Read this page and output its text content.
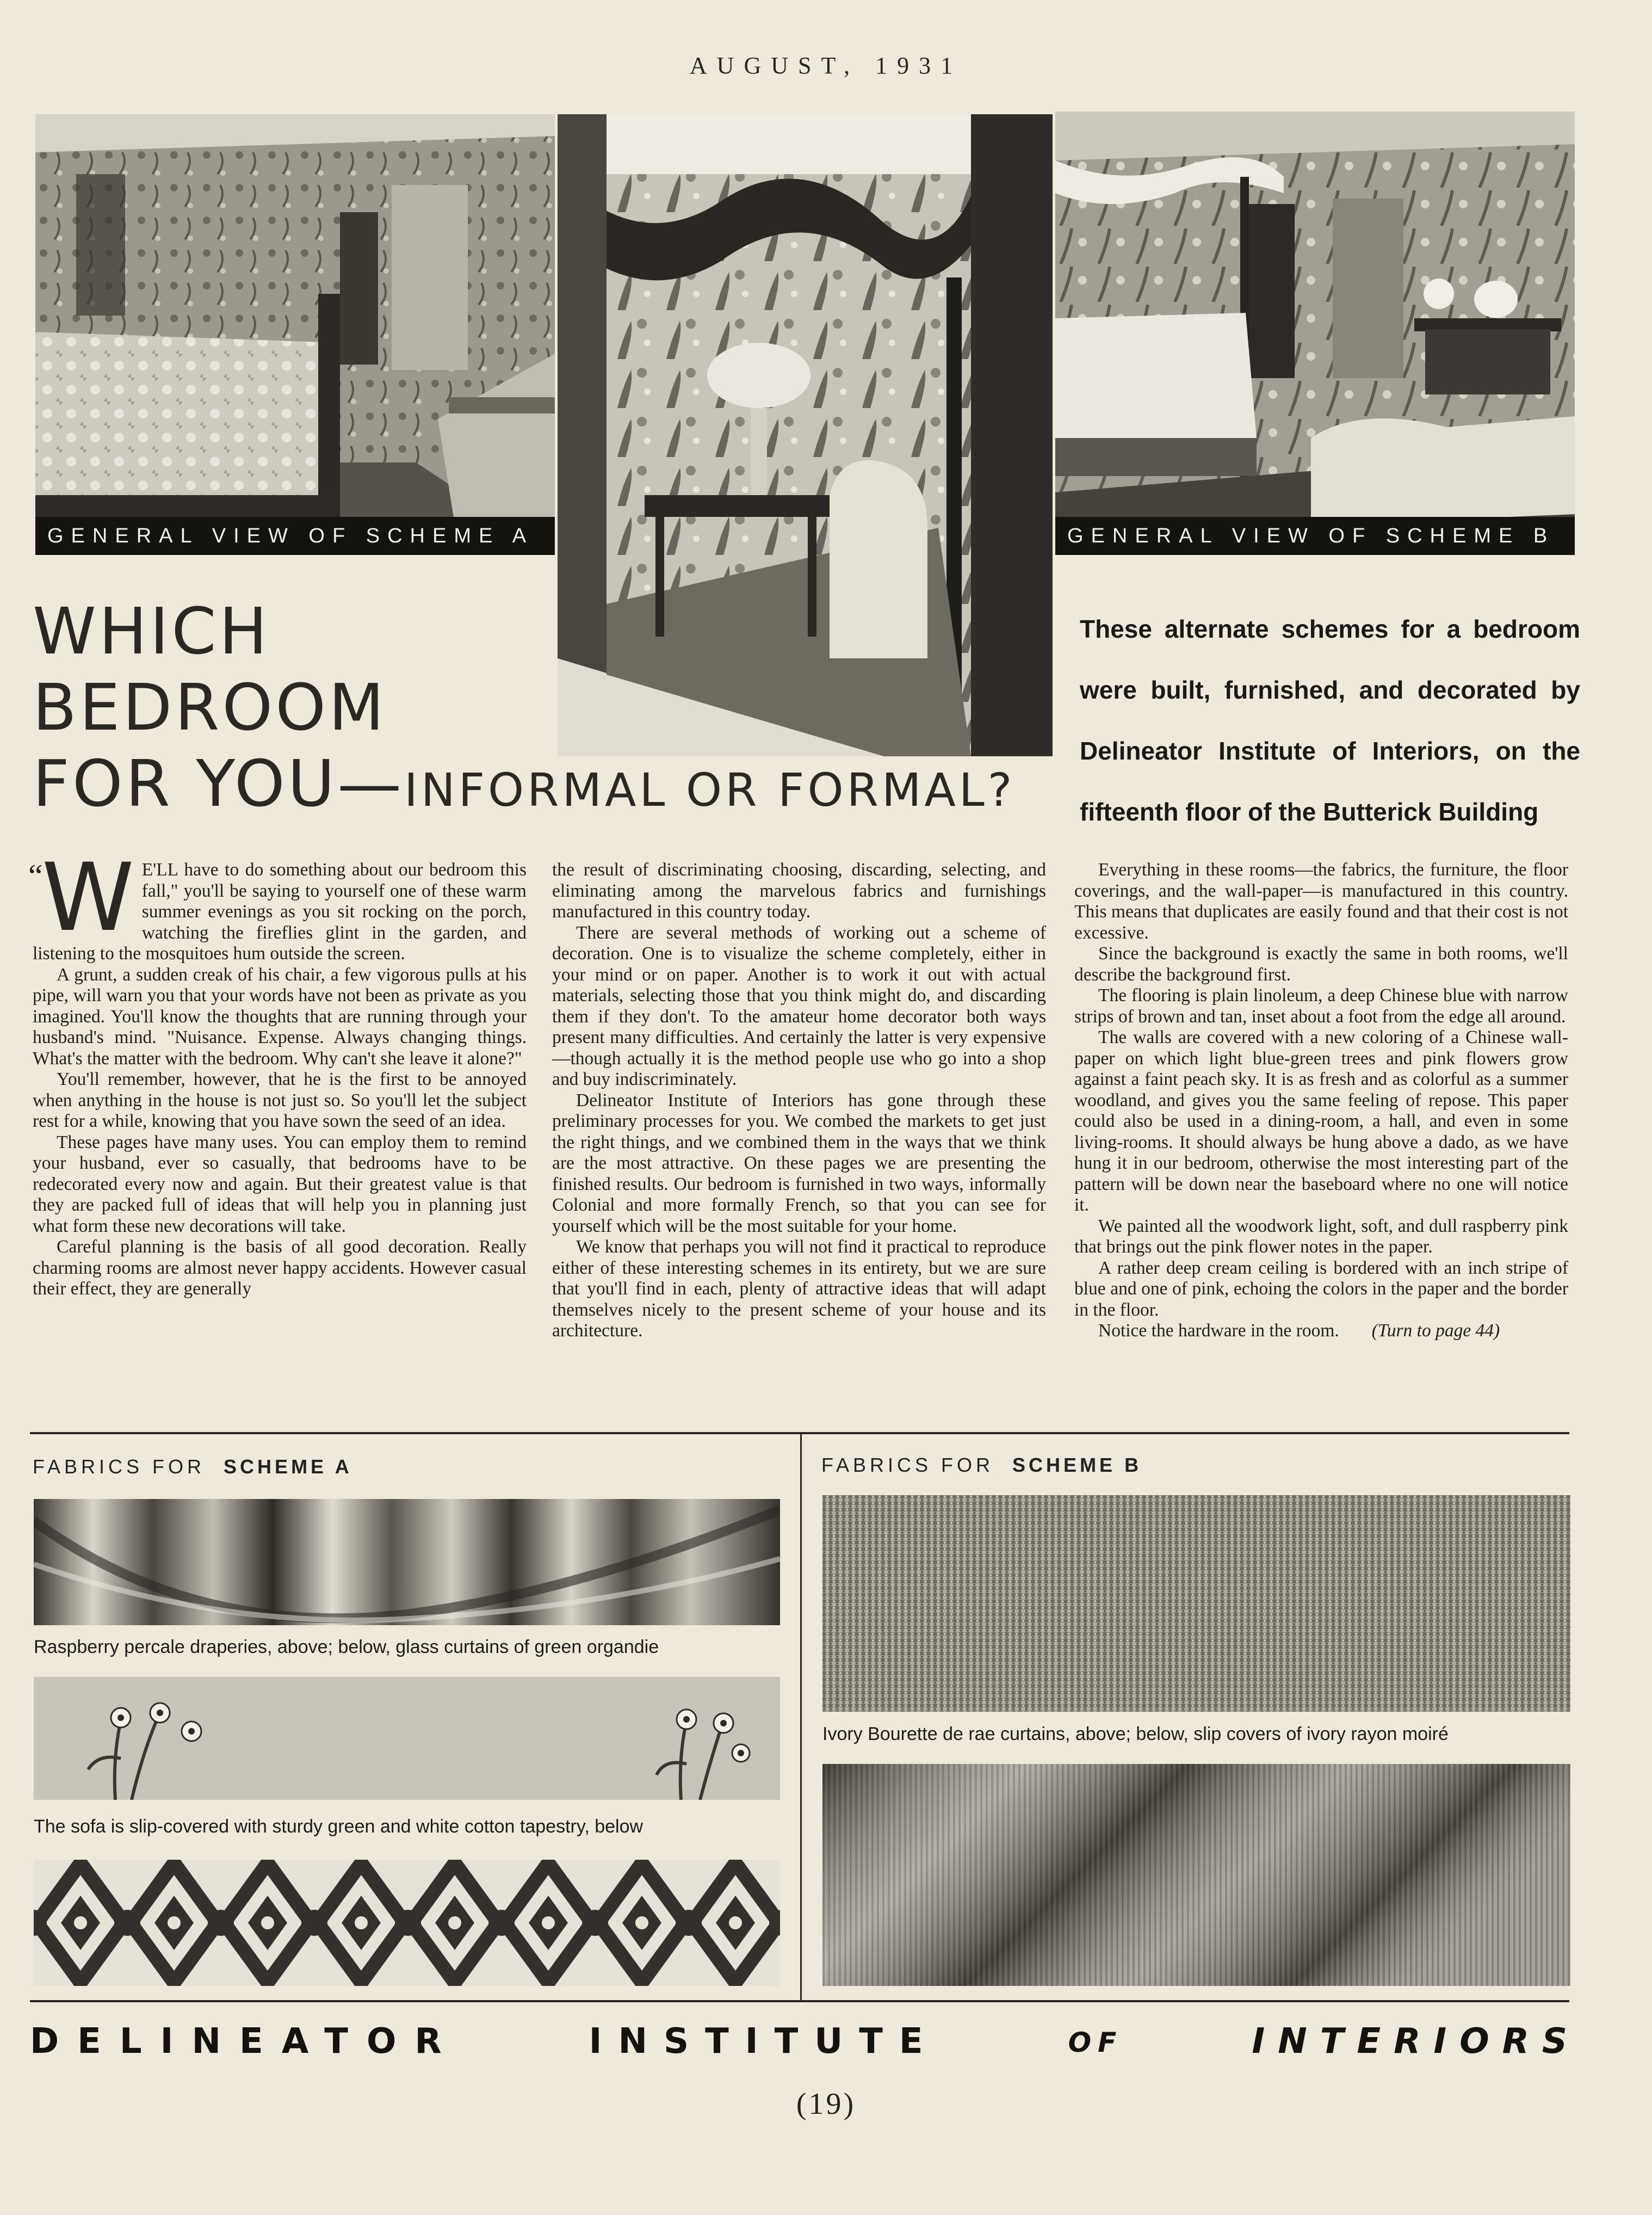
AUGUST, 1931
GENERAL VIEW OF SCHEME A	GENERAL VIEW OF SCHEME B
WHICH
BEDROOM
FOR YOU—INFORMAL OR FORMAL?
These alternate schemes for a bedroom were built, furnished, and decorated by Delineator Institute of Interiors, on the fifteenth floor of the Butterick Building

“
W E'LL have to do something about our bedroom this fall," you'll be saying to yourself one of these warm summer evenings as you sit rocking on the porch, watching the fireflies glint in the garden, and listening to the mosquitoes hum outside the screen.

A grunt, a sudden creak of his chair, a few vigorous pulls at his pipe, will warn you that your words have not been as private as you imagined. You'll know the thoughts that are running through your husband's mind. "Nuisance. Expense. Always changing things. What's the matter with the bedroom. Why can't she leave it alone?"

You'll remember, however, that he is the first to be annoyed when anything in the house is not just so. So you'll let the subject rest for a while, knowing that you have sown the seed of an idea.

These pages have many uses. You can employ them to remind your husband, ever so casually, that bedrooms have to be redecorated every now and again. But their greatest value is that they are packed full of ideas that will help you in planning just what form these new decorations will take.

Careful planning is the basis of all good decoration. Really charming rooms are almost never happy accidents. However casual their effect, they are generally

the result of discriminating choosing, discarding, selecting, and eliminating among the marvelous fabrics and furnishings manufactured in this country today.

There are several methods of working out a scheme of decoration. One is to visualize the scheme completely, either in your mind or on paper. Another is to work it out with actual materials, selecting those that you think might do, and discarding them if they don't. To the amateur home decorator both ways present many difficulties. And certainly the latter is very expensive—though actually it is the method people use who go into a shop and buy indiscriminately.

Delineator Institute of Interiors has gone through these preliminary processes for you. We combed the markets to get just the right things, and we combined them in the ways that we think are the most attractive. On these pages we are presenting the finished results. Our bedroom is furnished in two ways, informally Colonial and more formally French, so that you can see for yourself which will be the most suitable for your home.

We know that perhaps you will not find it practical to reproduce either of these interesting schemes in its entirety, but we are sure that you'll find in each, plenty of attractive ideas that will adapt themselves nicely to the present scheme of your house and its architecture.

Everything in these rooms—the fabrics, the furniture, the floor coverings, and the wall-paper—is manufactured in this country. This means that duplicates are easily found and that their cost is not excessive.

Since the background is exactly the same in both rooms, we'll describe the background first.

The flooring is plain linoleum, a deep Chinese blue with narrow strips of brown and tan, inset about a foot from the edge all around.

The walls are covered with a new coloring of a Chinese wall-paper on which light blue-green trees and pink flowers grow against a faint peach sky. It is as fresh and as colorful as a summer woodland, and gives you the same feeling of repose. This paper could also be used in a dining-room, a hall, and even in some living-rooms. It should always be hung above a dado, as we have hung it in our bedroom, otherwise the most interesting part of the pattern will be down near the baseboard where no one will notice it.

We painted all the woodwork light, soft, and dull raspberry pink that brings out the pink flower notes in the paper.

A rather deep cream ceiling is bordered with an inch stripe of blue and one of pink, echoing the colors in the paper and the border in the floor.

Notice the hardware in the room. (Turn to page 44)

FABRICS FOR SCHEME A
Raspberry percale draperies, above; below, glass curtains of green organdie
The sofa is slip-covered with sturdy green and white cotton tapestry, below
FABRICS FOR SCHEME B
Ivory Bourette de rae curtains, above; below, slip covers of ivory rayon moiré
DELINEATOR	INSTITUTE	OF	INTERIORS
(19)
